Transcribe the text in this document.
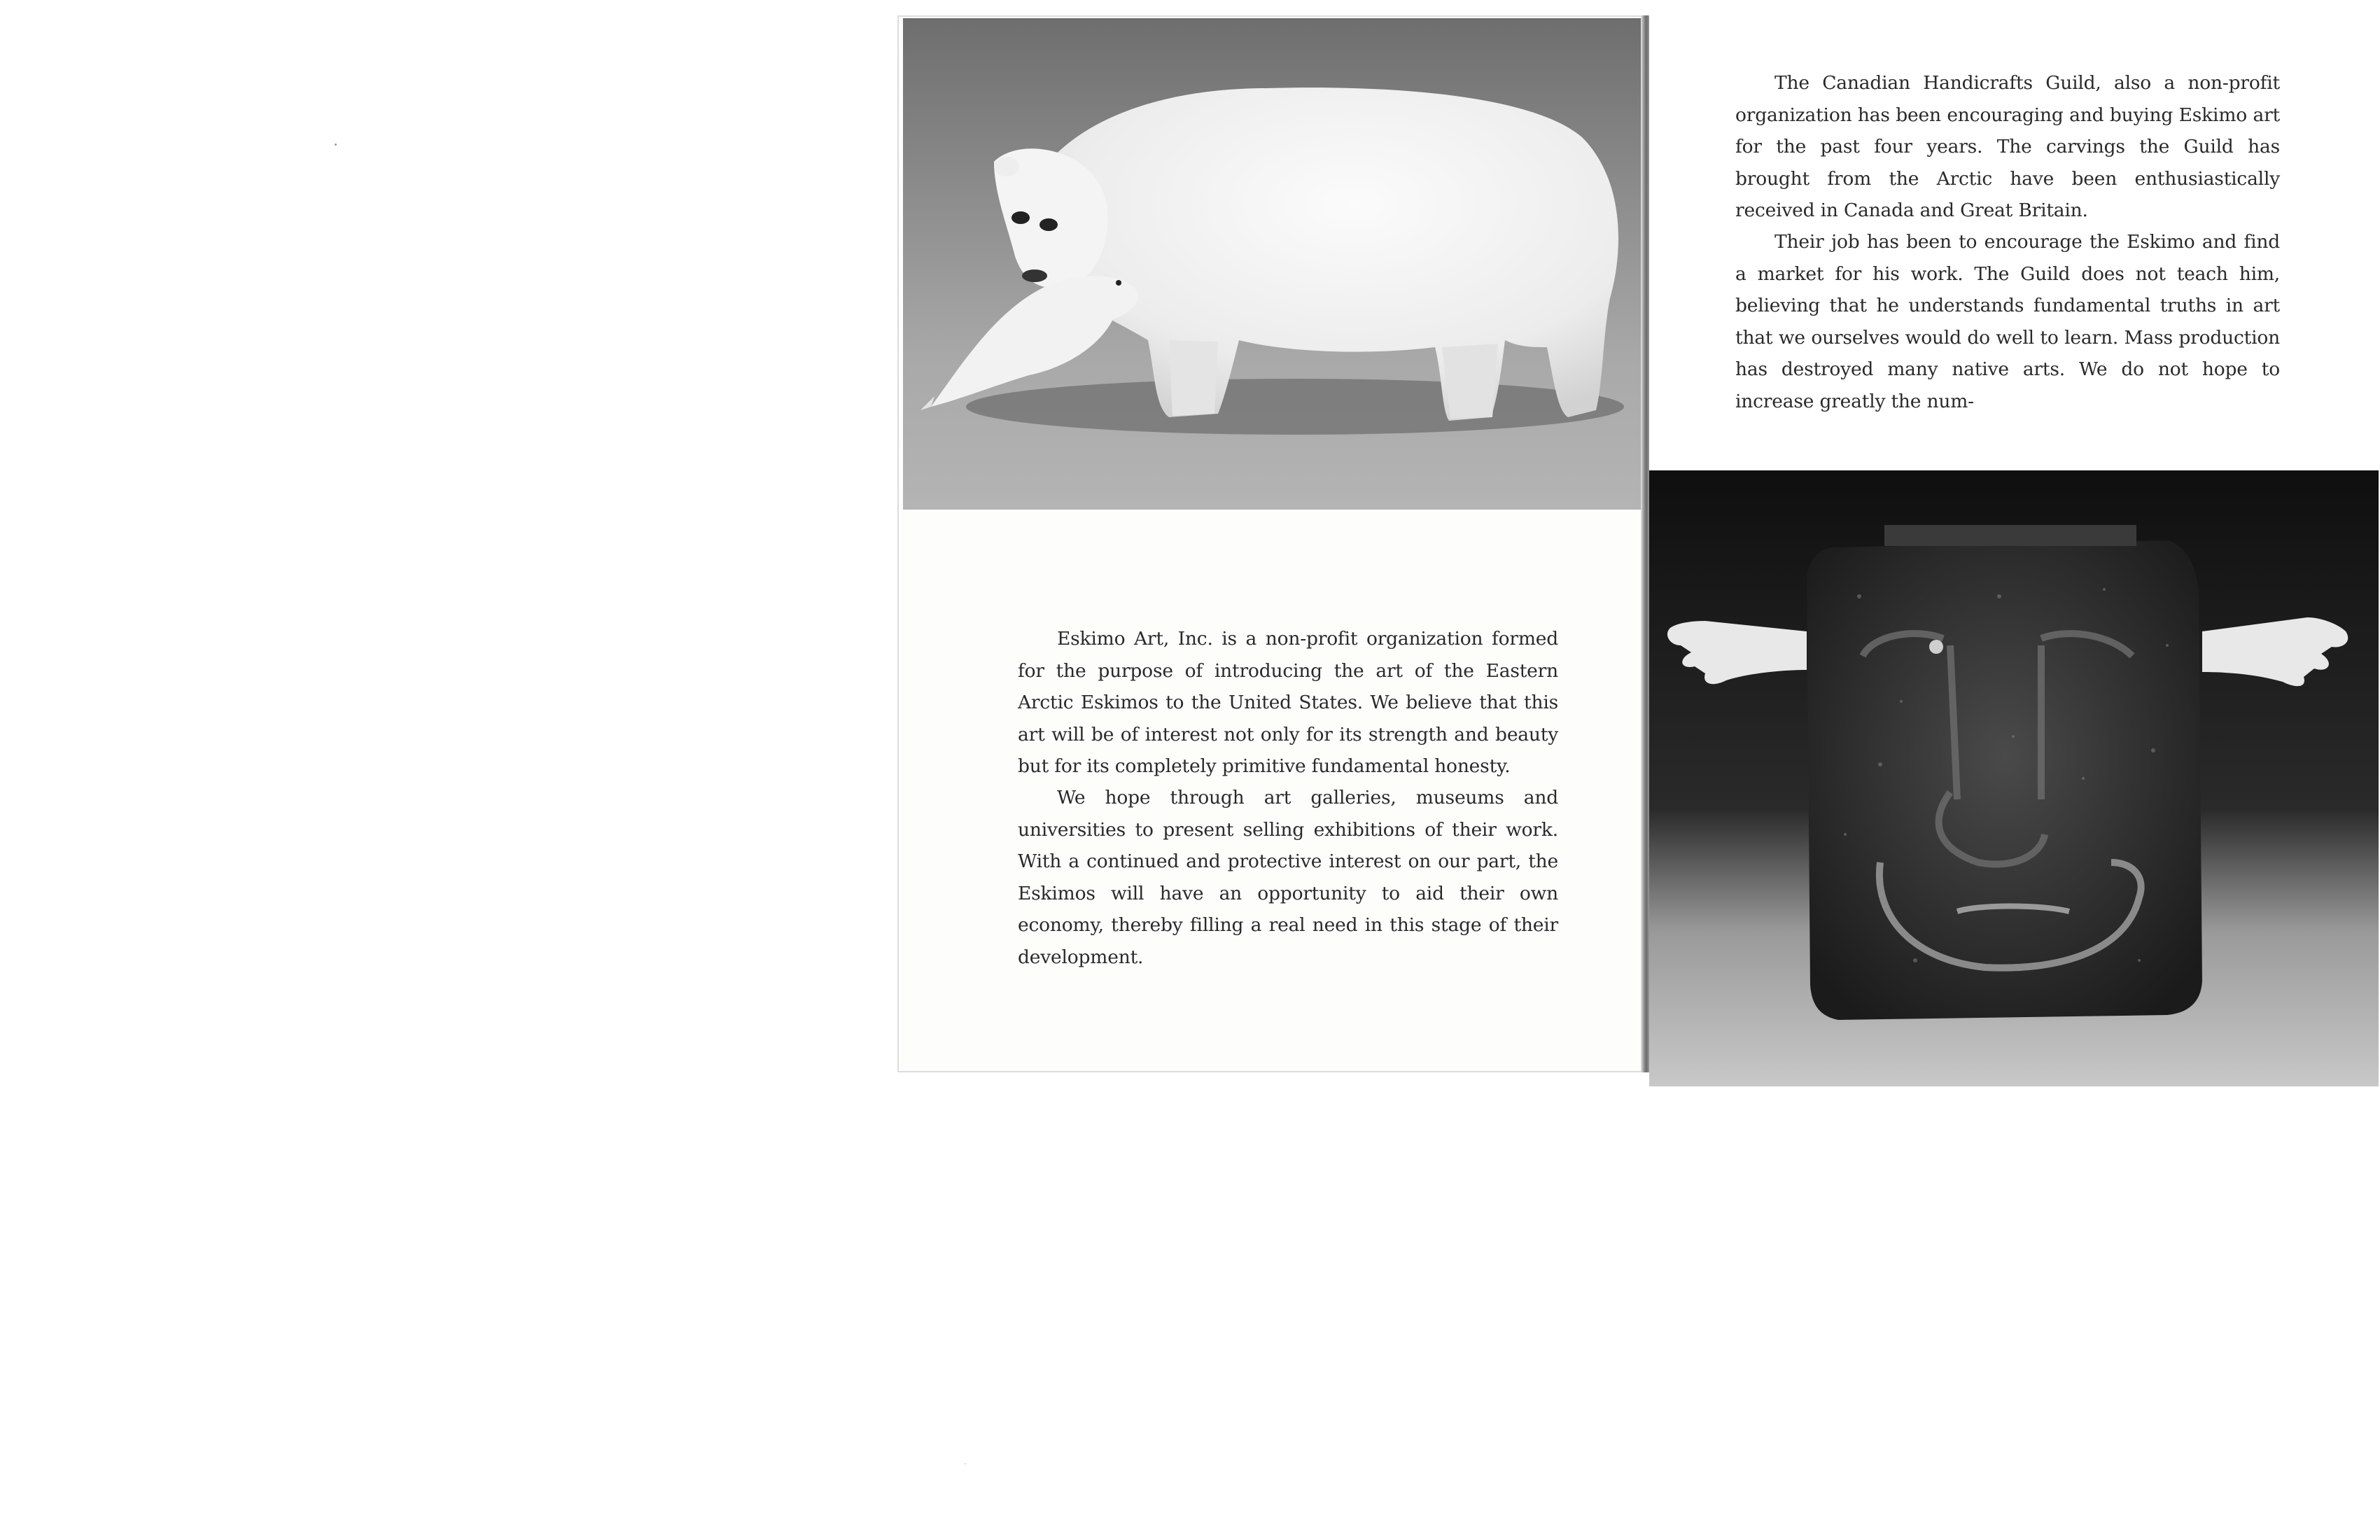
The Canadian Handicrafts Guild, also a non-profit organization has been encouraging and buying Eskimo art for the past four years. The carvings the Guild has brought from the Arctic have been enthusiastically received in Canada and Great Britain.

Their job has been to encourage the Eskimo and find a market for his work. The Guild does not teach him, believing that he understands fundamental truths in art that we ourselves would do well to learn. Mass production has destroyed many native arts. We do not hope to increase greatly the num-

Eskimo Art, Inc. is a non-profit organization formed for the purpose of introducing the art of the Eastern Arctic Eskimos to the United States. We believe that this art will be of interest not only for its strength and beauty but for its completely primitive fundamental honesty.

We hope through art galleries, museums and universities to present selling exhibitions of their work. With a continued and protective interest on our part, the Eskimos will have an opportunity to aid their own economy, thereby filling a real need in this stage of their development.
